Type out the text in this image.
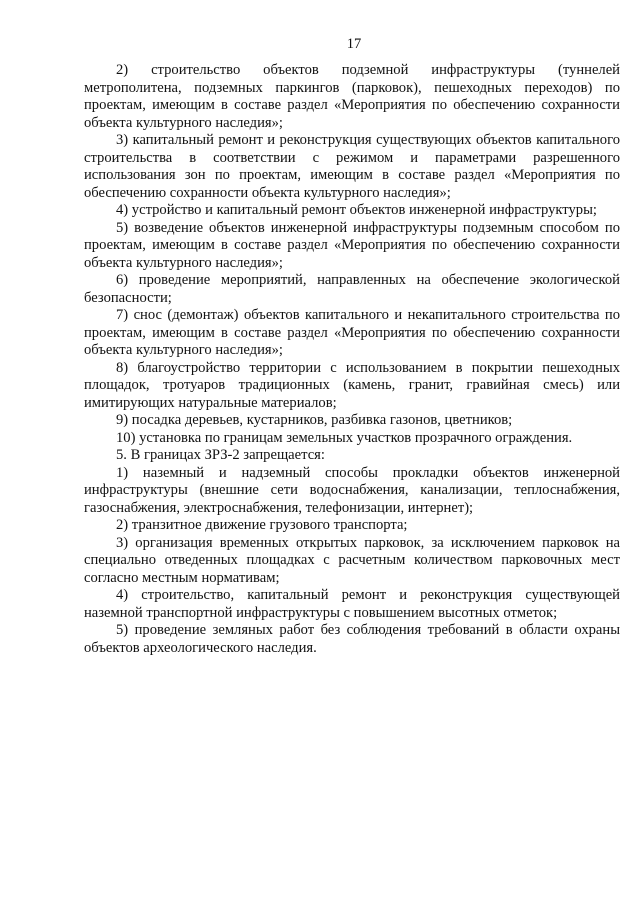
17

2) строительство объектов подземной инфраструктуры (туннелей метрополитена, подземных паркингов (парковок), пешеходных переходов) по проектам, имеющим в составе раздел «Мероприятия по обеспечению сохранности объекта культурного наследия»;

3) капитальный ремонт и реконструкция существующих объектов капитального строительства в соответствии с режимом и параметрами разрешенного использования зон по проектам, имеющим в составе раздел «Мероприятия по обеспечению сохранности объекта культурного наследия»;

4) устройство и капитальный ремонт объектов инженерной инфраструктуры;

5) возведение объектов инженерной инфраструктуры подземным способом по проектам, имеющим в составе раздел «Мероприятия по обеспечению сохранности объекта культурного наследия»;

6) проведение мероприятий, направленных на обеспечение экологической безопасности;

7) снос (демонтаж) объектов капитального и некапитального строительства по проектам, имеющим в составе раздел «Мероприятия по обеспечению сохранности объекта культурного наследия»;

8) благоустройство территории с использованием в покрытии пешеходных площадок, тротуаров традиционных (камень, гранит, гравийная смесь) или имитирующих натуральные материалов;

9) посадка деревьев, кустарников, разбивка газонов, цветников;

10) установка по границам земельных участков прозрачного ограждения.

5. В границах ЗРЗ-2 запрещается:

1) наземный и надземный способы прокладки объектов инженерной инфраструктуры (внешние сети водоснабжения, канализации, теплоснабжения, газоснабжения, электроснабжения, телефонизации, интернет);

2) транзитное движение грузового транспорта;

3) организация временных открытых парковок, за исключением парковок на специально отведенных площадках с расчетным количеством парковочных мест согласно местным нормативам;

4) строительство, капитальный ремонт и реконструкция существующей наземной транспортной инфраструктуры с повышением высотных отметок;

5) проведение земляных работ без соблюдения требований в области охраны объектов археологического наследия.
